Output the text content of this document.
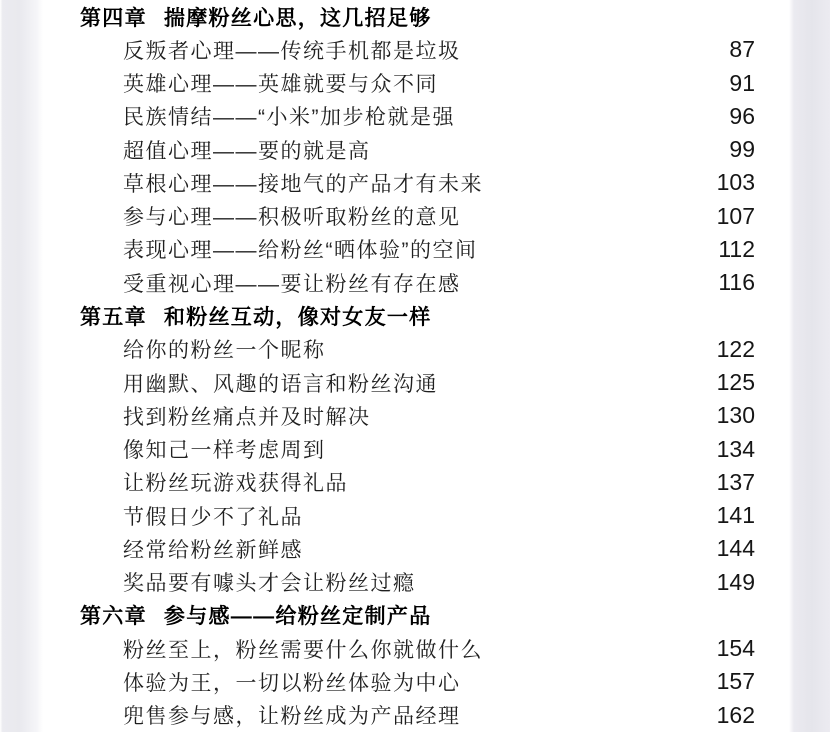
第四章 揣摩粉丝心思，这几招足够
反叛者心理——传统手机都是垃圾	87
英雄心理——英雄就要与众不同	91
民族情结——“小米”加步枪就是强	96
超值心理——要的就是高	99
草根心理——接地气的产品才有未来	103
参与心理——积极听取粉丝的意见	107
表现心理——给粉丝“晒体验”的空间	112
受重视心理——要让粉丝有存在感	116
第五章 和粉丝互动，像对女友一样
给你的粉丝一个昵称	122
用幽默、风趣的语言和粉丝沟通	125
找到粉丝痛点并及时解决	130
像知己一样考虑周到	134
让粉丝玩游戏获得礼品	137
节假日少不了礼品	141
经常给粉丝新鲜感	144
奖品要有噱头才会让粉丝过瘾	149
第六章 参与感——给粉丝定制产品
粉丝至上，粉丝需要什么你就做什么	154
体验为王，一切以粉丝体验为中心	157
兜售参与感，让粉丝成为产品经理	162
